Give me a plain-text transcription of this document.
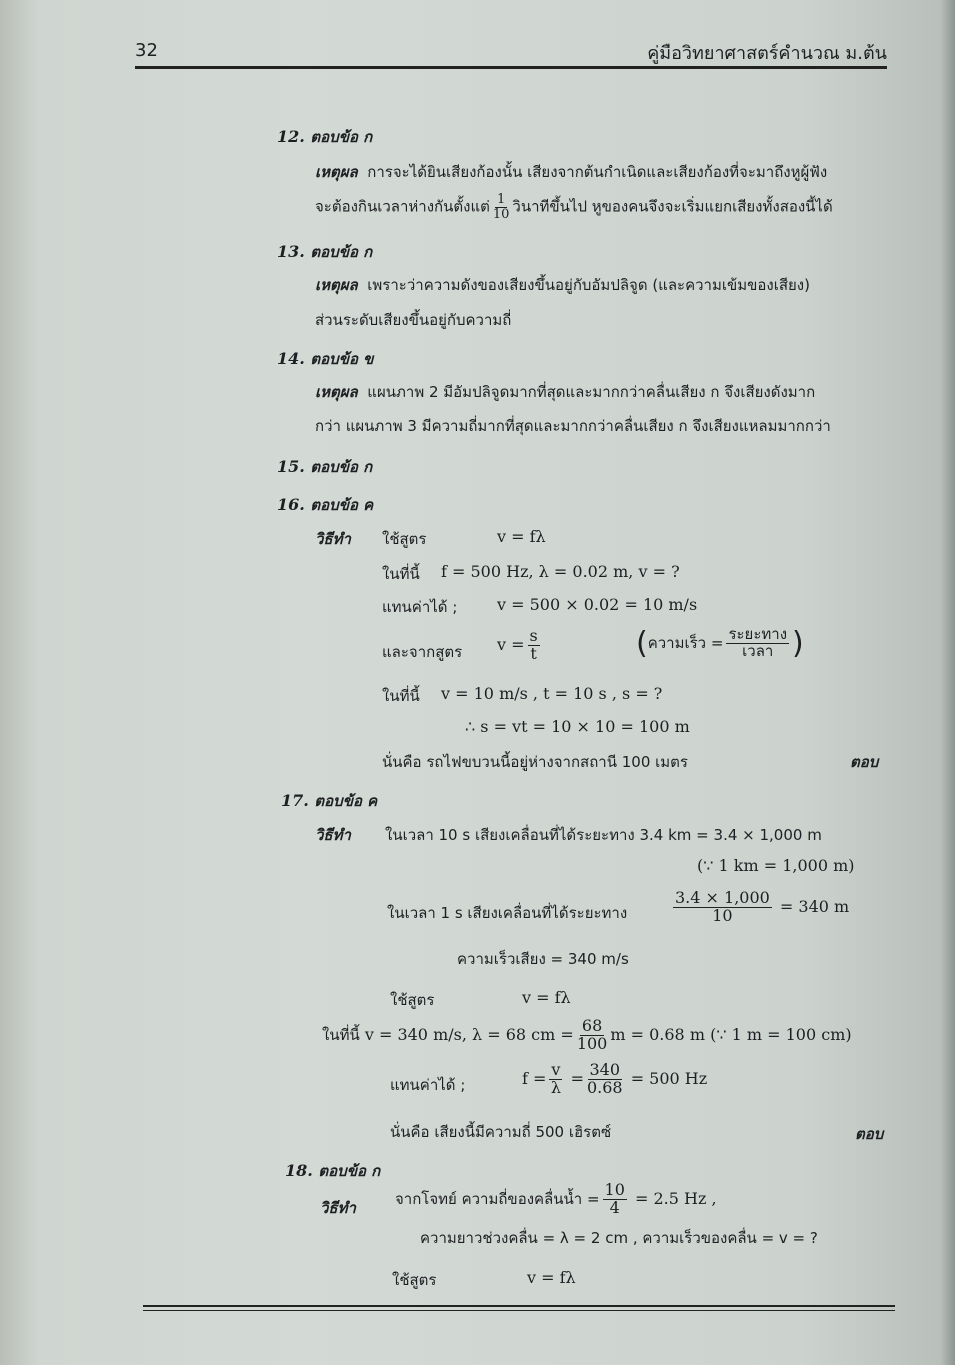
32	คู่มือวิทยาศาสตร์คำนวณ ม.ต้น
12. ตอบข้อ ก
เหตุผล การจะได้ยินเสียงก้องนั้น เสียงจากต้นกำเนิดและเสียงก้องที่จะมาถึงหูผู้ฟัง
จะต้องกินเวลาห่างกันตั้งแต่ $\frac{1}{10}$ วินาทีขึ้นไป หูของคนจึงจะเริ่มแยกเสียงทั้งสองนี้ได้
13. ตอบข้อ ก
เหตุผล เพราะว่าความดังของเสียงขึ้นอยู่กับอัมปลิจูด (และความเข้มของเสียง)
ส่วนระดับเสียงขึ้นอยู่กับความถี่
14. ตอบข้อ ข
เหตุผล แผนภาพ 2 มีอัมปลิจูดมากที่สุดและมากกว่าคลื่นเสียง ก จึงเสียงดังมาก
กว่า แผนภาพ 3 มีความถี่มากที่สุดและมากกว่าคลื่นเสียง ก จึงเสียงแหลมมากกว่า
15. ตอบข้อ ก
16. ตอบข้อ ค
วิธีทำ ใช้สูตร	v = fλ
ในที่นี้ f = 500 Hz, λ = 0.02 m, v = ?
แทนค่าได้ ; v = 500 × 0.02 = 10 m/s
และจากสูตร $v = \frac{s}{t}$	(ความเร็ว = $\frac{\text{ระยะทาง}}{\text{เวลา}}$ )
ในที่นี้ v = 10 m/s , t = 10 s , s = ?
∴ s = vt = 10 × 10 = 100 m
นั่นคือ รถไฟขบวนนี้อยู่ห่างจากสถานี 100 เมตร	ตอบ
17. ตอบข้อ ค
วิธีทำ ในเวลา 10 s เสียงเคลื่อนที่ได้ระยะทาง 3.4 km = 3.4 × 1,000 m
(∵ 1 km = 1,000 m)
ในเวลา 1 s เสียงเคลื่อนที่ได้ระยะทาง	$\frac{3.4 \times 1,000}{10} = 340$ m
ความเร็วเสียง = 340 m/s
ใช้สูตร	v = fλ
ในที่นี้ v = 340 m/s, λ = 68 cm = $\frac{68}{100}$ m = 0.68 m (∵ 1 m = 100 cm)
แทนค่าได้ ;	$f = \frac{v}{\lambda} = \frac{340}{0.68} = 500$ Hz
นั่นคือ เสียงนี้มีความถี่ 500 เฮิรตซ์	ตอบ
18. ตอบข้อ ก
วิธีทำ
จากโจทย์ ความถี่ของคลื่นน้ำ = $\frac{10}{4} = 2.5$ Hz ,
ความยาวช่วงคลื่น = λ = 2 cm , ความเร็วของคลื่น = v = ?
ใช้สูตร	v = fλ
